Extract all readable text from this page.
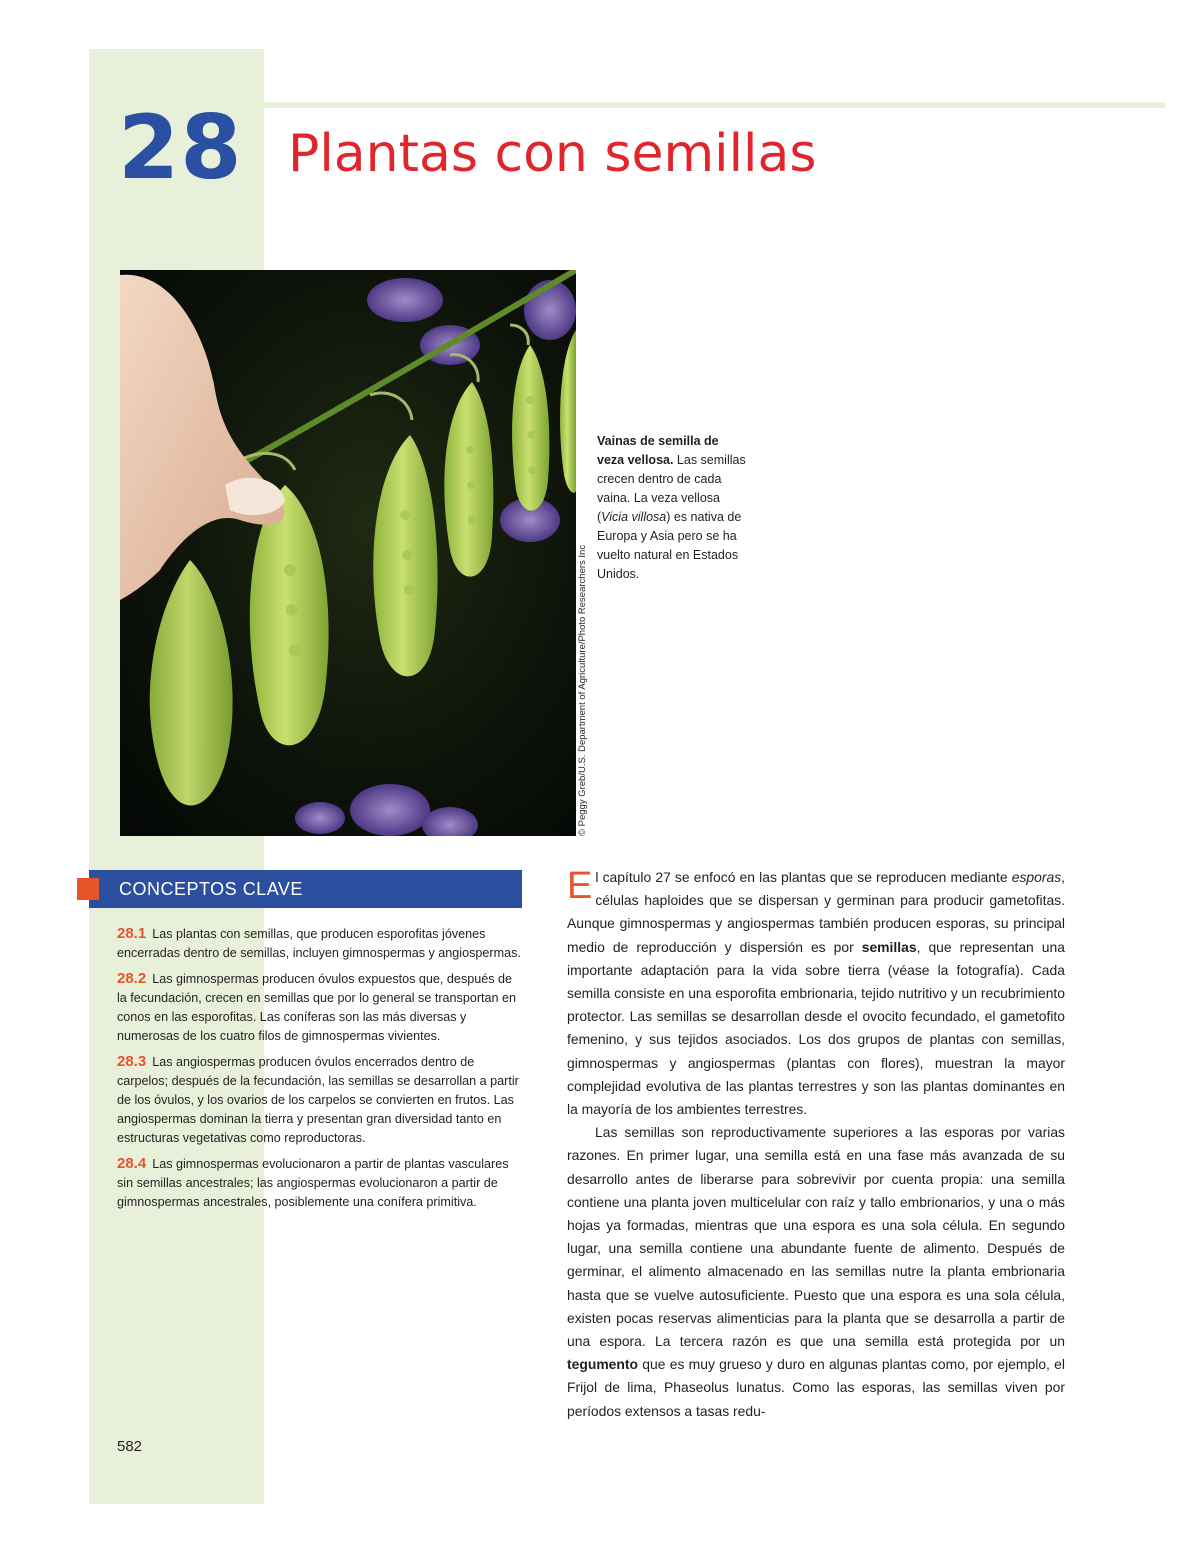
28 Plantas con semillas
© Peggy Greb/U.S. Department of Agriculture/Photo Researchers Inc
Vainas de semilla de veza vellosa. Las semillas crecen dentro de cada vaina. La veza vellosa (Vicia villosa) es nativa de Europa y Asia pero se ha vuelto natural en Estados Unidos.
CONCEPTOS CLAVE
28.1 Las plantas con semillas, que producen esporofitas jóvenes encerradas dentro de semillas, incluyen gimnospermas y angiospermas.
28.2 Las gimnospermas producen óvulos expuestos que, después de la fecundación, crecen en semillas que por lo general se transportan en conos en las esporofitas. Las coníferas son las más diversas y numerosas de los cuatro filos de gimnospermas vivientes.
28.3 Las angiospermas producen óvulos encerrados dentro de carpelos; después de la fecundación, las semillas se desarrollan a partir de los óvulos, y los ovarios de los carpelos se convierten en frutos. Las angiospermas dominan la tierra y presentan gran diversidad tanto en estructuras vegetativas como reproductoras.
28.4 Las gimnospermas evolucionaron a partir de plantas vasculares sin semillas ancestrales; las angiospermas evolucionaron a partir de gimnospermas ancestrales, posiblemente una conífera primitiva.
582

El capítulo 27 se enfocó en las plantas que se reproducen mediante esporas, células haploides que se dispersan y germinan para producir gametofitas. Aunque gimnospermas y angiospermas también producen esporas, su principal medio de reproducción y dispersión es por semillas, que representan una importante adaptación para la vida sobre tierra (véase la fotografía). Cada semilla consiste en una esporofita embrionaria, tejido nutritivo y un recubrimiento protector. Las semillas se desarrollan desde el ovocito fecundado, el gametofito femenino, y sus tejidos asociados. Los dos grupos de plantas con semillas, gimnospermas y angiospermas (plantas con flores), muestran la mayor complejidad evolutiva de las plantas terrestres y son las plantas dominantes en la mayoría de los ambientes terrestres.

Las semillas son reproductivamente superiores a las esporas por varias razones. En primer lugar, una semilla está en una fase más avanzada de su desarrollo antes de liberarse para sobrevivir por cuenta propia: una semilla contiene una planta joven multicelular con raíz y tallo embrionarios, y una o más hojas ya formadas, mientras que una espora es una sola célula. En segundo lugar, una semilla contiene una abundante fuente de alimento. Después de germinar, el alimento almacenado en las semillas nutre la planta embrionaria hasta que se vuelve autosuficiente. Puesto que una espora es una sola célula, existen pocas reservas alimenticias para la planta que se desarrolla a partir de una espora. La tercera razón es que una semilla está protegida por un tegumento que es muy grueso y duro en algunas plantas como, por ejemplo, el Frijol de lima, Phaseolus lunatus. Como las esporas, las semillas viven por períodos extensos a tasas redu-
